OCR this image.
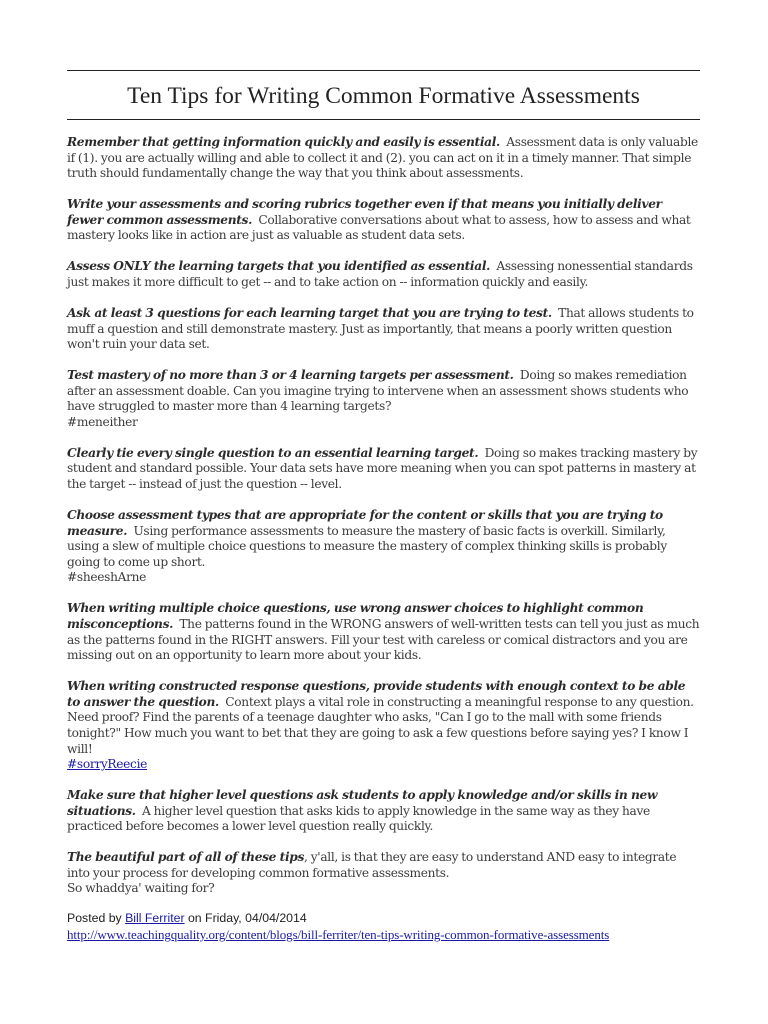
Ten Tips for Writing Common Formative Assessments

Remember that getting information quickly and easily is essential. Assessment data is only valuable if (1). you are actually willing and able to collect it and (2). you can act on it in a timely manner. That simple truth should fundamentally change the way that you think about assessments.

Write your assessments and scoring rubrics together even if that means you initially deliver fewer common assessments. Collaborative conversations about what to assess, how to assess and what mastery looks like in action are just as valuable as student data sets.

Assess ONLY the learning targets that you identified as essential. Assessing nonessential standards just makes it more difficult to get -- and to take action on -- information quickly and easily.

Ask at least 3 questions for each learning target that you are trying to test. That allows students to muff a question and still demonstrate mastery. Just as importantly, that means a poorly written question won't ruin your data set.

Test mastery of no more than 3 or 4 learning targets per assessment. Doing so makes remediation after an assessment doable. Can you imagine trying to intervene when an assessment shows students who have struggled to master more than 4 learning targets?
#meneither

Clearly tie every single question to an essential learning target. Doing so makes tracking mastery by student and standard possible. Your data sets have more meaning when you can spot patterns in mastery at the target -- instead of just the question -- level.

Choose assessment types that are appropriate for the content or skills that you are trying to measure. Using performance assessments to measure the mastery of basic facts is overkill. Similarly, using a slew of multiple choice questions to measure the mastery of complex thinking skills is probably going to come up short.
#sheeshArne

When writing multiple choice questions, use wrong answer choices to highlight common misconceptions. The patterns found in the WRONG answers of well-written tests can tell you just as much as the patterns found in the RIGHT answers. Fill your test with careless or comical distractors and you are missing out on an opportunity to learn more about your kids.

When writing constructed response questions, provide students with enough context to be able to answer the question. Context plays a vital role in constructing a meaningful response to any question. Need proof? Find the parents of a teenage daughter who asks, "Can I go to the mall with some friends tonight?" How much you want to bet that they are going to ask a few questions before saying yes? I know I will!
#sorryReecie

Make sure that higher level questions ask students to apply knowledge and/or skills in new situations. A higher level question that asks kids to apply knowledge in the same way as they have practiced before becomes a lower level question really quickly.

The beautiful part of all of these tips, y'all, is that they are easy to understand AND easy to integrate into your process for developing common formative assessments.
So whaddya' waiting for?

Posted by Bill Ferriter on Friday, 04/04/2014
http://www.teachingquality.org/content/blogs/bill-ferriter/ten-tips-writing-common-formative-assessments
